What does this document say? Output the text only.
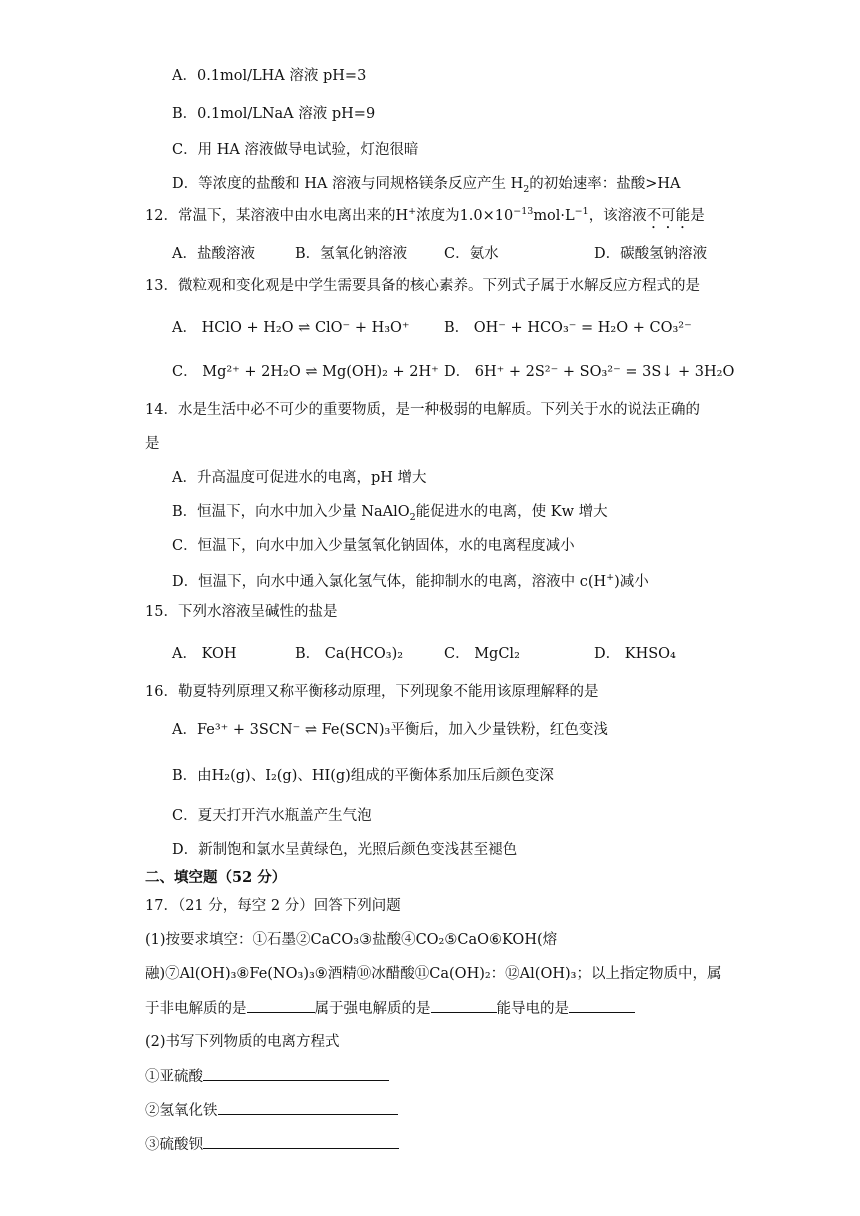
A．0.1mol/LHA 溶液 pH=3
B．0.1mol/LNaA 溶液 pH=9
C．用 HA 溶液做导电试验，灯泡很暗
D．等浓度的盐酸和 HA 溶液与同规格镁条反应产生 $H_2$的初始速率：盐酸>HA
12．常温下，某溶液中由水电离出来的H+浓度为$1.0\times 10^{-13}mol\cdot L^{-1}$，该溶液不可能是
A．盐酸溶液	B．氢氧化钠溶液	C．氨水	D．碳酸氢钠溶液
13．微粒观和变化观是中学生需要具备的核心素养。下列式子属于水解反应方程式的是
A． HClO + H₂O ⇌ ClO⁻ + H₃O⁺ B． OH⁻ + HCO₃⁻ = H₂O + CO₃²⁻
C． Mg²⁺ + 2H₂O ⇌ Mg(OH)₂ + 2H⁺ D． 6H⁺ + 2S²⁻ + SO₃²⁻ = 3S↓ + 3H₂O
14．水是生活中必不可少的重要物质，是一种极弱的电解质。下列关于水的说法正确的
是
A．升高温度可促进水的电离，pH 增大
B．恒温下，向水中加入少量 NaAlO$_2$能促进水的电离，使 Kw 增大
C．恒温下，向水中加入少量氢氧化钠固体，水的电离程度减小
D．恒温下，向水中通入氯化氢气体，能抑制水的电离，溶液中 c(H+)减小
15．下列水溶液呈碱性的盐是
A． KOH	B． Ca(HCO₃)₂	C． MgCl₂	D． KHSO₄
16．勒夏特列原理又称平衡移动原理，下列现象不能用该原理解释的是
A．Fe³⁺ + 3SCN⁻ ⇌ Fe(SCN)₃平衡后，加入少量铁粉，红色变浅
B．由H₂(g)、I₂(g)、HI(g)组成的平衡体系加压后颜色变深
C．夏天打开汽水瓶盖产生气泡
D．新制饱和氯水呈黄绿色，光照后颜色变浅甚至褪色
二、填空题（52 分）
17．（21 分，每空 2 分）回答下列问题
(1)按要求填空：①石墨②CaCO₃③盐酸④CO₂⑤CaO⑥KOH(熔
融)⑦Al(OH)₃⑧Fe(NO₃)₃⑨酒精⑩冰醋酸⑪Ca(OH)₂：⑫Al(OH)₃；以上指定物质中，属
于非电解质的是	属于强电解质的是	能导电的是
(2)书写下列物质的电离方程式
①亚硫酸
②氢氧化铁
③硫酸钡
